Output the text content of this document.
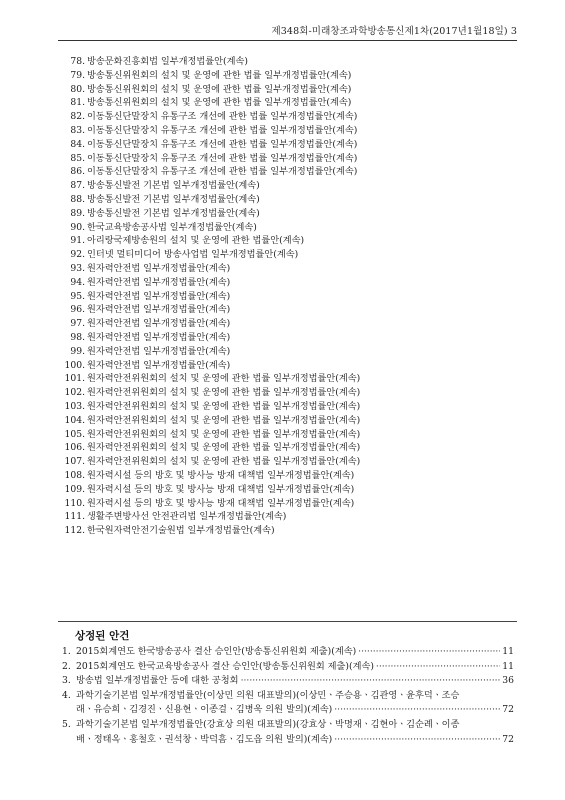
제348회-미래창조과학방송통신제1차(2017년1월18일) 3
78. 방송문화진흥회법 일부개정법률안(계속)
79. 방송통신위원회의 설치 및 운영에 관한 법률 일부개정법률안(계속)
80. 방송통신위원회의 설치 및 운영에 관한 법률 일부개정법률안(계속)
81. 방송통신위원회의 설치 및 운영에 관한 법률 일부개정법률안(계속)
82. 이동통신단말장치 유통구조 개선에 관한 법률 일부개정법률안(계속)
83. 이동통신단말장치 유통구조 개선에 관한 법률 일부개정법률안(계속)
84. 이동통신단말장치 유통구조 개선에 관한 법률 일부개정법률안(계속)
85. 이동통신단말장치 유통구조 개선에 관한 법률 일부개정법률안(계속)
86. 이동통신단말장치 유통구조 개선에 관한 법률 일부개정법률안(계속)
87. 방송통신발전 기본법 일부개정법률안(계속)
88. 방송통신발전 기본법 일부개정법률안(계속)
89. 방송통신발전 기본법 일부개정법률안(계속)
90. 한국교육방송공사법 일부개정법률안(계속)
91. 아리랑국제방송원의 설치 및 운영에 관한 법률안(계속)
92. 인터넷 멀티미디어 방송사업법 일부개정법률안(계속)
93. 원자력안전법 일부개정법률안(계속)
94. 원자력안전법 일부개정법률안(계속)
95. 원자력안전법 일부개정법률안(계속)
96. 원자력안전법 일부개정법률안(계속)
97. 원자력안전법 일부개정법률안(계속)
98. 원자력안전법 일부개정법률안(계속)
99. 원자력안전법 일부개정법률안(계속)
100. 원자력안전법 일부개정법률안(계속)
101. 원자력안전위원회의 설치 및 운영에 관한 법률 일부개정법률안(계속)
102. 원자력안전위원회의 설치 및 운영에 관한 법률 일부개정법률안(계속)
103. 원자력안전위원회의 설치 및 운영에 관한 법률 일부개정법률안(계속)
104. 원자력안전위원회의 설치 및 운영에 관한 법률 일부개정법률안(계속)
105. 원자력안전위원회의 설치 및 운영에 관한 법률 일부개정법률안(계속)
106. 원자력안전위원회의 설치 및 운영에 관한 법률 일부개정법률안(계속)
107. 원자력안전위원회의 설치 및 운영에 관한 법률 일부개정법률안(계속)
108. 원자력시설 등의 방호 및 방사능 방재 대책법 일부개정법률안(계속)
109. 원자력시설 등의 방호 및 방사능 방재 대책법 일부개정법률안(계속)
110. 원자력시설 등의 방호 및 방사능 방재 대책법 일부개정법률안(계속)
111. 생활주변방사선 안전관리법 일부개정법률안(계속)
112. 한국원자력안전기술원법 일부개정법률안(계속)
상정된 안건
1. 2015회계연도 한국방송공사 결산 승인안(방송통신위원회 제출)(계속) ·····	11
2. 2015회계연도 한국교육방송공사 결산 승인안(방송통신위원회 제출)(계속) ·····	11
3. 방송법 일부개정법률안 등에 대한 공청회 ·····	36
4. 과학기술기본법 일부개정법률안(이상민 의원 대표발의)(이상민ㆍ주승용ㆍ김관영ㆍ윤후덕ㆍ조승
래ㆍ유승희ㆍ김경진ㆍ신용현ㆍ이종걸ㆍ김병욱 의원 발의)(계속) ·····	72
5. 과학기술기본법 일부개정법률안(강효상 의원 대표발의)(강효상ㆍ박명재ㆍ김현아ㆍ김순례ㆍ이종
배ㆍ정태옥ㆍ홍철호ㆍ권석창ㆍ박덕흠ㆍ김도읍 의원 발의)(계속) ·····	72
